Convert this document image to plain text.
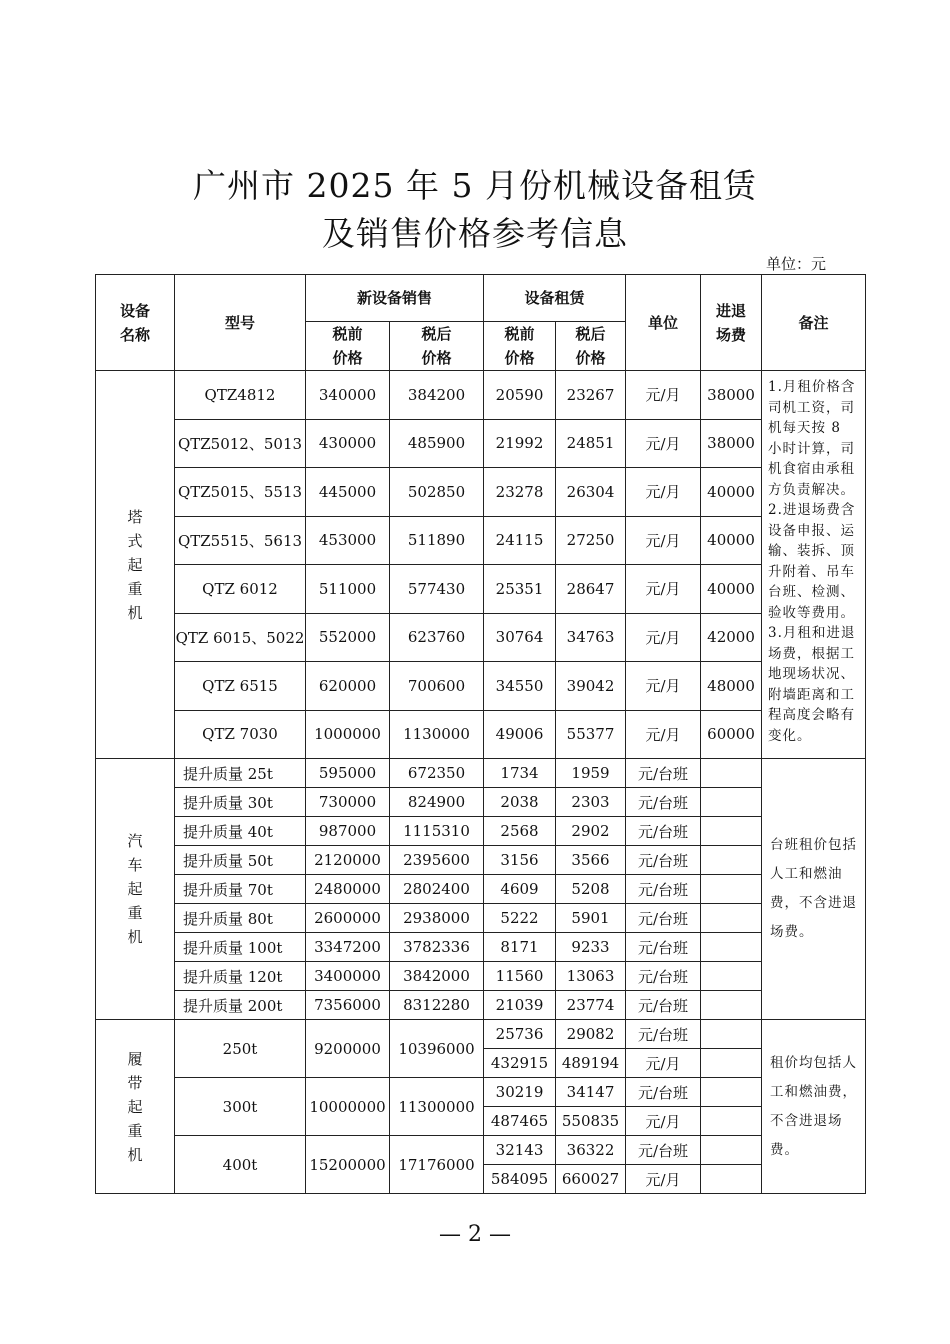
广州市 2025 年 5 月份机械设备租赁
及销售价格参考信息
单位：元
设备名称	型号	新设备销售		设备租赁		单位	进退场费	备注

		税前价格	税后价格	税前价格	税后价格			

塔
式
起
重
机	QTZ4812	340000	384200	20590	23267	元/月	38000	1.月租价格含司机工资，司机每天按 8 小时计算，司机食宿由承租方负责解决。2.进退场费含设备申报、运输、装拆、顶升附着、吊车台班、检测、验收等费用。3.月租和进退场费，根据工地现场状况、附墙距离和工程高度会略有变化。
	QTZ5012、5013	430000	485900	21992	24851	元/月	38000	
	QTZ5015、5513	445000	502850	23278	26304	元/月	40000	
	QTZ5515、5613	453000	511890	24115	27250	元/月	40000	
	QTZ 6012	511000	577430	25351	28647	元/月	40000	
	QTZ 6015、5022	552000	623760	30764	34763	元/月	42000	
	QTZ 6515	620000	700600	34550	39042	元/月	48000	
	QTZ 7030	1000000	1130000	49006	55377	元/月	60000	

汽
车
起
重
机	提升质量 25t	595000	672350	1734	1959	元/台班		台班租价包括人工和燃油费，不含进退场费。
	提升质量 30t	730000	824900	2038	2303	元/台班		
	提升质量 40t	987000	1115310	2568	2902	元/台班		
	提升质量 50t	2120000	2395600	3156	3566	元/台班		
	提升质量 70t	2480000	2802400	4609	5208	元/台班		
	提升质量 80t	2600000	2938000	5222	5901	元/台班		
	提升质量 100t	3347200	3782336	8171	9233	元/台班		
	提升质量 120t	3400000	3842000	11560	13063	元/台班		
	提升质量 200t	7356000	8312280	21039	23774	元/台班		

履
带
起
重
机	250t	9200000	10396000	25736	29082	元/台班		租价均包括人工和燃油费，不含进退场费。
				432915	489194	元/月		
	300t	10000000	11300000	30219	34147	元/台班		
				487465	550835	元/月		
	400t	15200000	17176000	32143	36322	元/台班		
				584095	660027	元/月		
— 2 —
